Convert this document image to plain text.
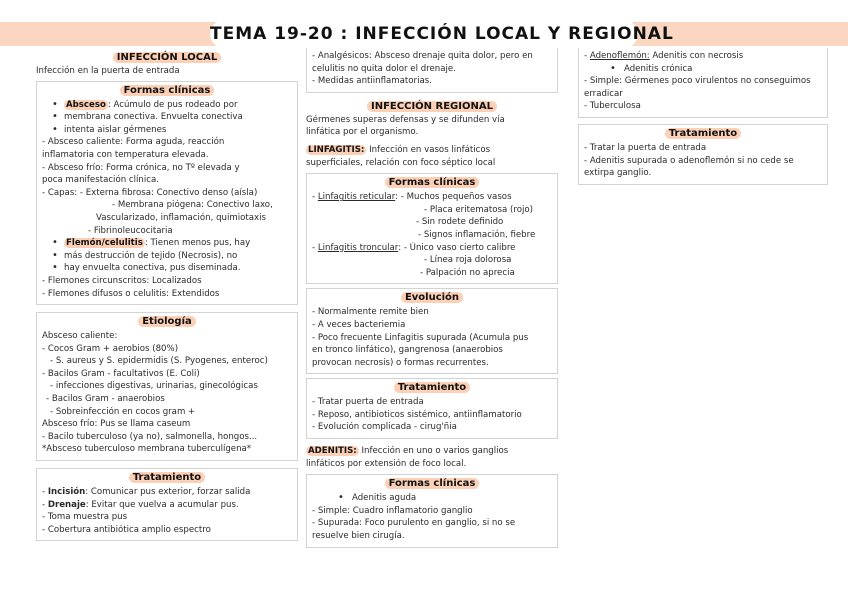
TEMA 19-20 : INFECCIÓN LOCAL Y REGIONAL
INFECCIÓN LOCAL

Infección en la puerta de entrada

Formas clínicas

• Absceso : Acúmulo de pus rodeado por

• membrana conectiva. Envuelta conectiva

• intenta aislar gérmenes

- Absceso caliente: Forma aguda, reacción

inflamatoria con temperatura elevada.

- Absceso frío: Forma crónica, no Tº elevada y

poca manifestación clínica.

- Capas: - Externa fibrosa: Conectivo denso (aísla)

- Membrana piógena: Conectivo laxo,

Vascularizado, inflamación, quimiotaxis

- Fibrinoleucocitaria

• Flemón/celulitis : Tienen menos pus, hay

• más destrucción de tejido (Necrosis), no

• hay envuelta conectiva, pus diseminada.

- Flemones circunscritos: Localizados

- Flemones difusos o celulitis: Extendidos

Etiología

Absceso caliente:

- Cocos Gram + aerobios (80%)

- S. aureus y S. epidermidis (S. Pyogenes, enteroc)

- Bacilos Gram - facultativos (E. Coli)

- infecciones digestivas, urinarias, ginecológicas

- Bacilos Gram - anaerobios

- Sobreinfección en cocos gram +

Absceso frío: Pus se llama caseum

- Bacilo tuberculoso (ya no), salmonella, hongos...

*Absceso tuberculoso membrana tuberculígena*

Tratamiento

- Incisión: Comunicar pus exterior, forzar salida

- Drenaje: Evitar que vuelva a acumular pus.

- Toma muestra pus

- Cobertura antibiótica amplio espectro

- Analgésicos: Absceso drenaje quita dolor, pero en

celulitis no quita dolor el drenaje.

- Medidas antiinflamatorias.

INFECCIÓN REGIONAL

Gérmenes superas defensas y se difunden vía

linfática por el organismo.

LINFAGITIS: Infección en vasos linfáticos

superficiales, relación con foco séptico local

Formas clínicas

- Linfagitis reticular: - Muchos pequeños vasos

- Placa eritematosa (rojo)

- Sin rodete definido

- Signos inflamación, fiebre

- Linfagitis troncular: - Único vaso cierto calibre

- Línea roja dolorosa

- Palpación no aprecia

Evolución

- Normalmente remite bien

- A veces bacteriemia

- Poco frecuente Linfagitis supurada (Acumula pus

en tronco linfático), gangrenosa (anaerobios

provocan necrosis) o formas recurrentes.

Tratamiento

- Tratar puerta de entrada

- Reposo, antibioticos sistémico, antiinflamatorio

- Evolución complicada - cirug'ñia

ADENITIS: Infección en uno o varios ganglios

linfáticos por extensión de foco local.

Formas clínicas

• Adenitis aguda

- Simple: Cuadro inflamatorio ganglio

- Supurada: Foco purulento en ganglio, si no se

resuelve bien cirugía.

- Adenoflemón: Adenitis con necrosis

• Adenitis crónica

- Simple: Gérmenes poco virulentos no conseguimos

erradicar

- Tuberculosa

Tratamiento

- Tratar la puerta de entrada

- Adenitis supurada o adenoflemón si no cede se

extirpa ganglio.
